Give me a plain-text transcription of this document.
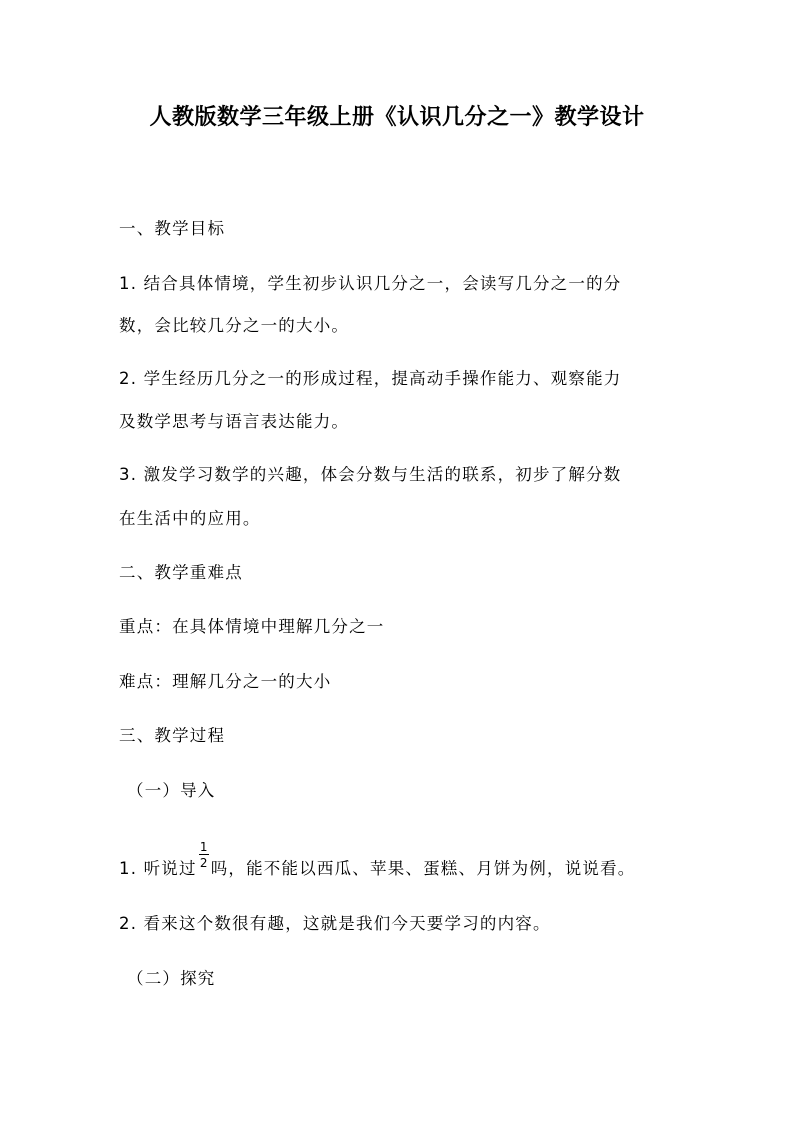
人教版数学三年级上册《认识几分之一》教学设计
一、教学目标
1. 结合具体情境，学生初步认识几分之一，会读写几分之一的分
数，会比较几分之一的大小。
2. 学生经历几分之一的形成过程，提高动手操作能力、观察能力
及数学思考与语言表达能力。
3. 激发学习数学的兴趣，体会分数与生活的联系，初步了解分数
在生活中的应用。
二、教学重难点
重点：在具体情境中理解几分之一
难点：理解几分之一的大小
三、教学过程
（一）导入
1. 听说过 $\frac{1}{2}$ 吗，能不能以西瓜、苹果、蛋糕、月饼为例，说说看。
2. 看来这个数很有趣，这就是我们今天要学习的内容。
（二）探究
